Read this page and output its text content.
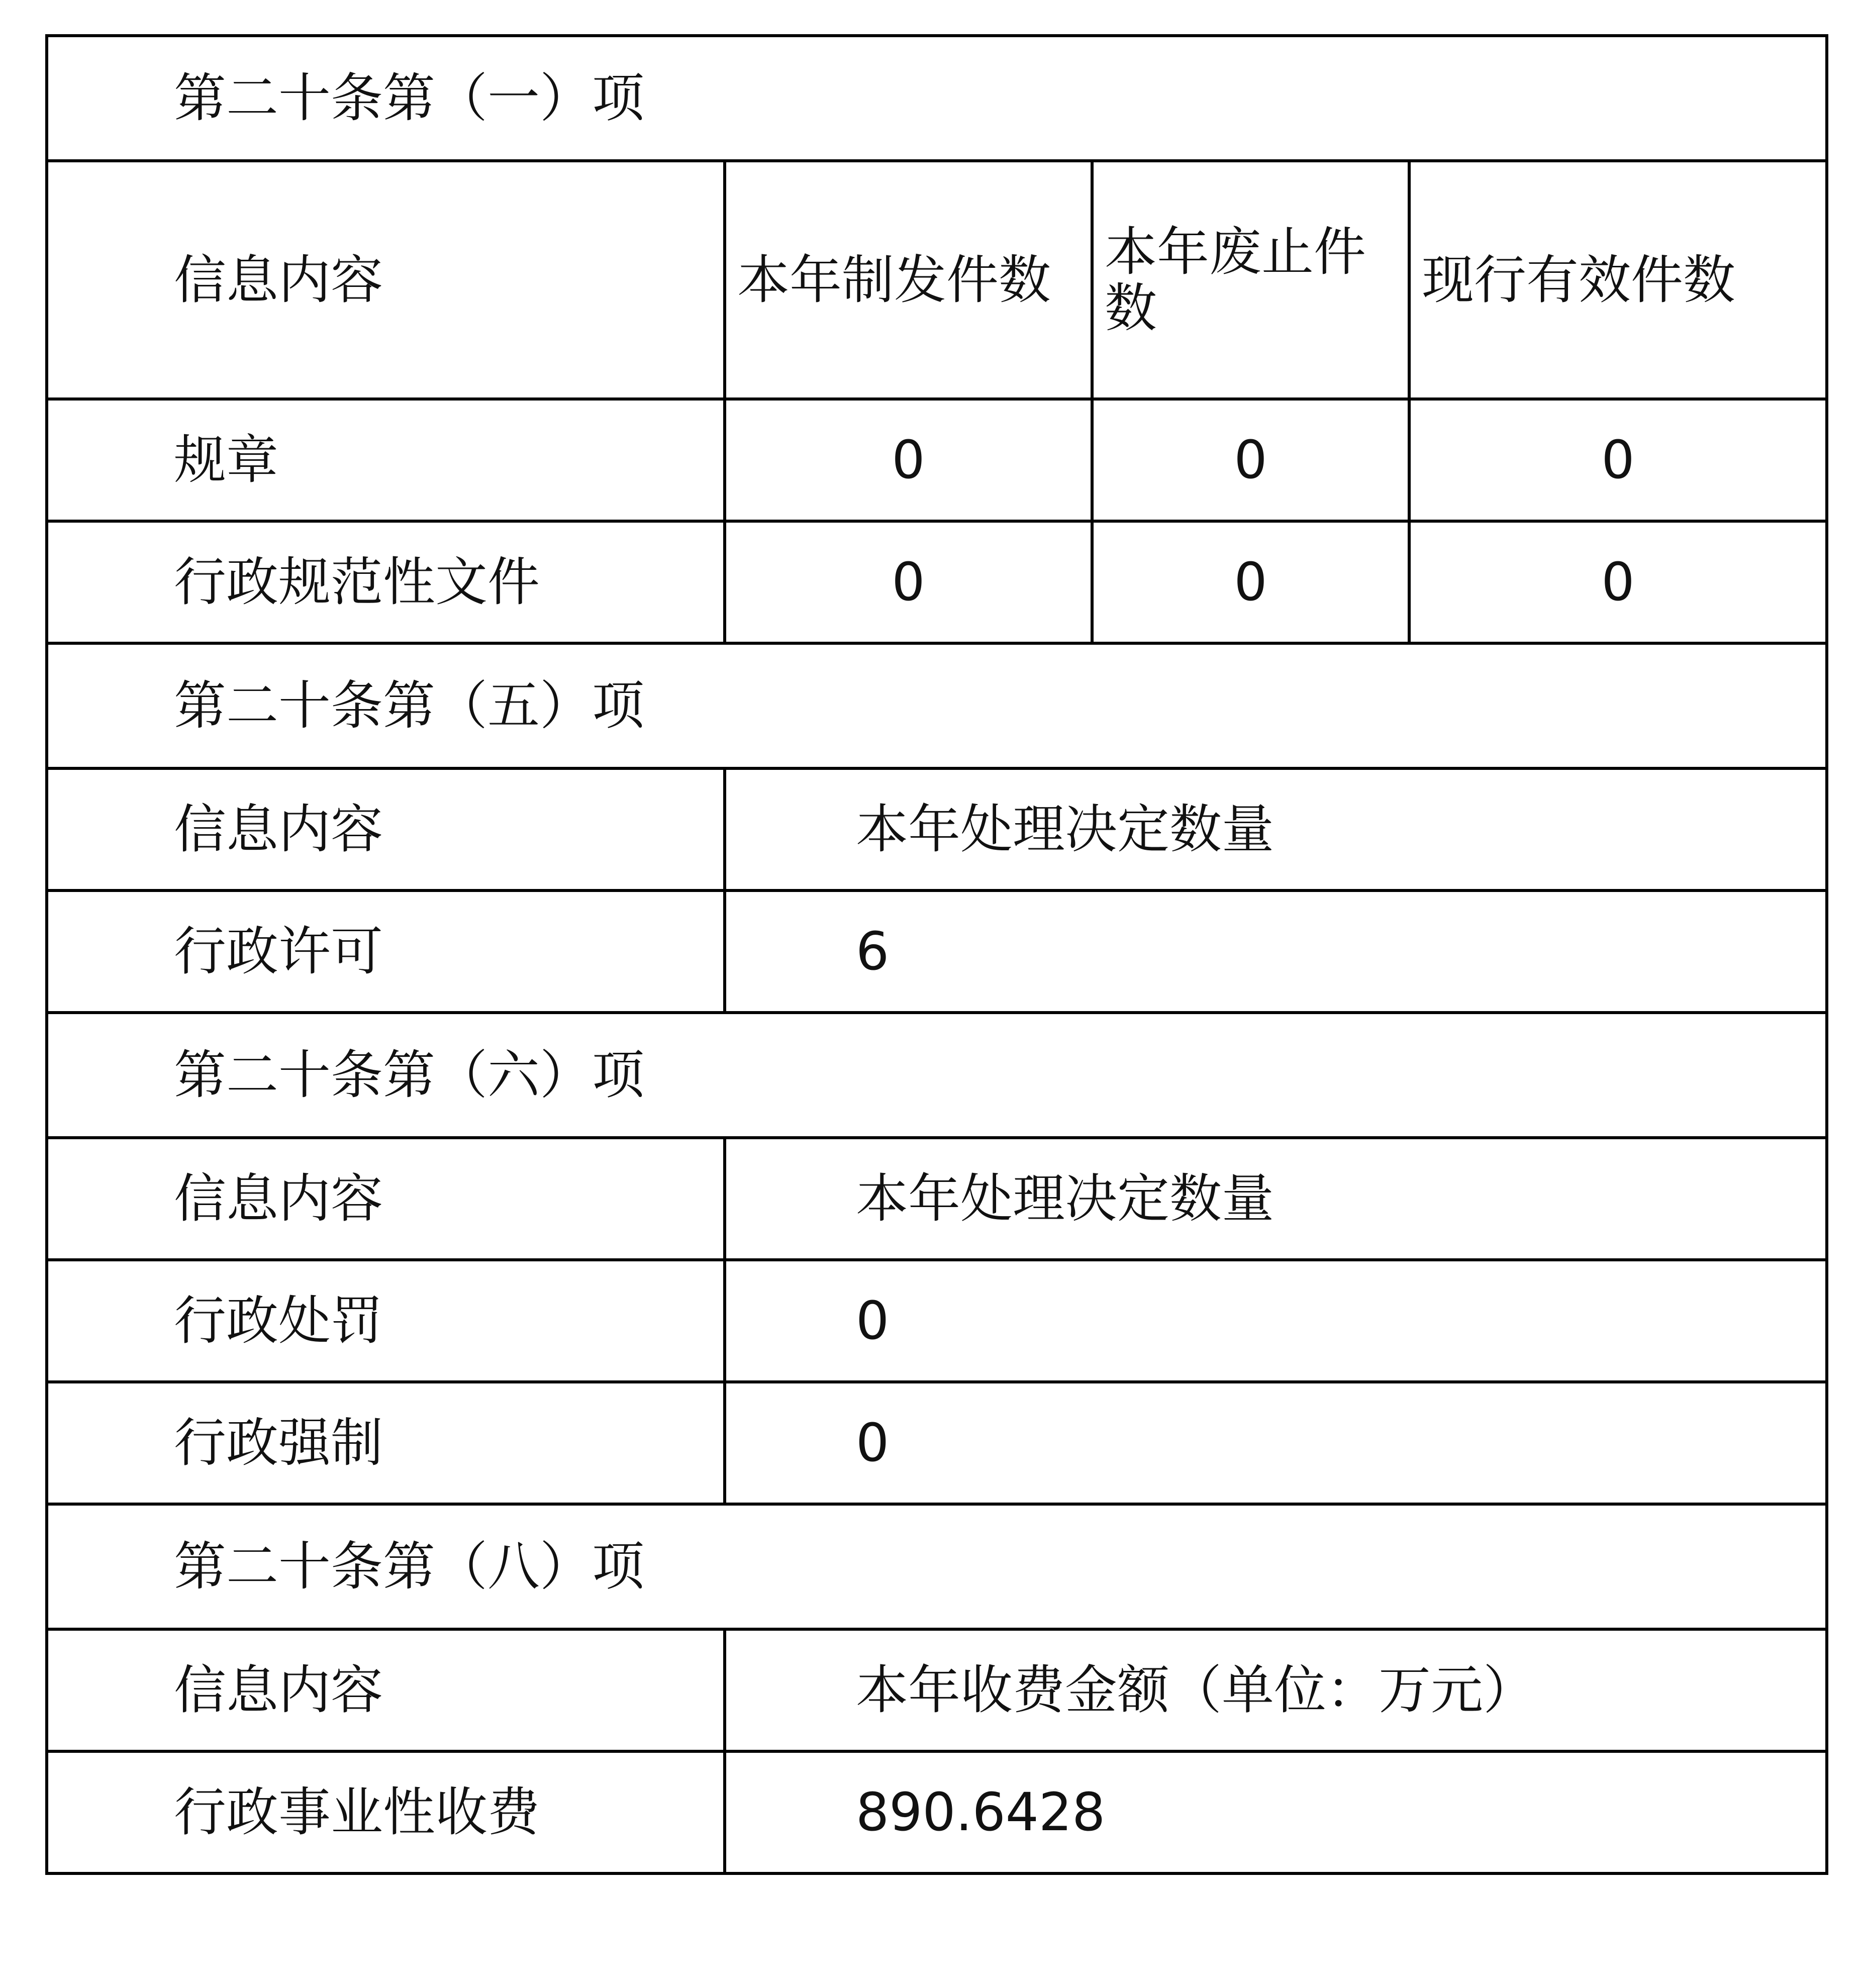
第二十条第（一）项			
信息内容	本年制发件数	本年废止件数	现行有效件数
规章	0	0	0
行政规范性文件	0	0	0
第二十条第（五）项			
信息内容	本年处理决定数量		
行政许可	6		
第二十条第（六）项			
信息内容	本年处理决定数量		
行政处罚	0		
行政强制	0		
第二十条第（八）项			
信息内容	本年收费金额（单位：万元）		
行政事业性收费	890.6428		
